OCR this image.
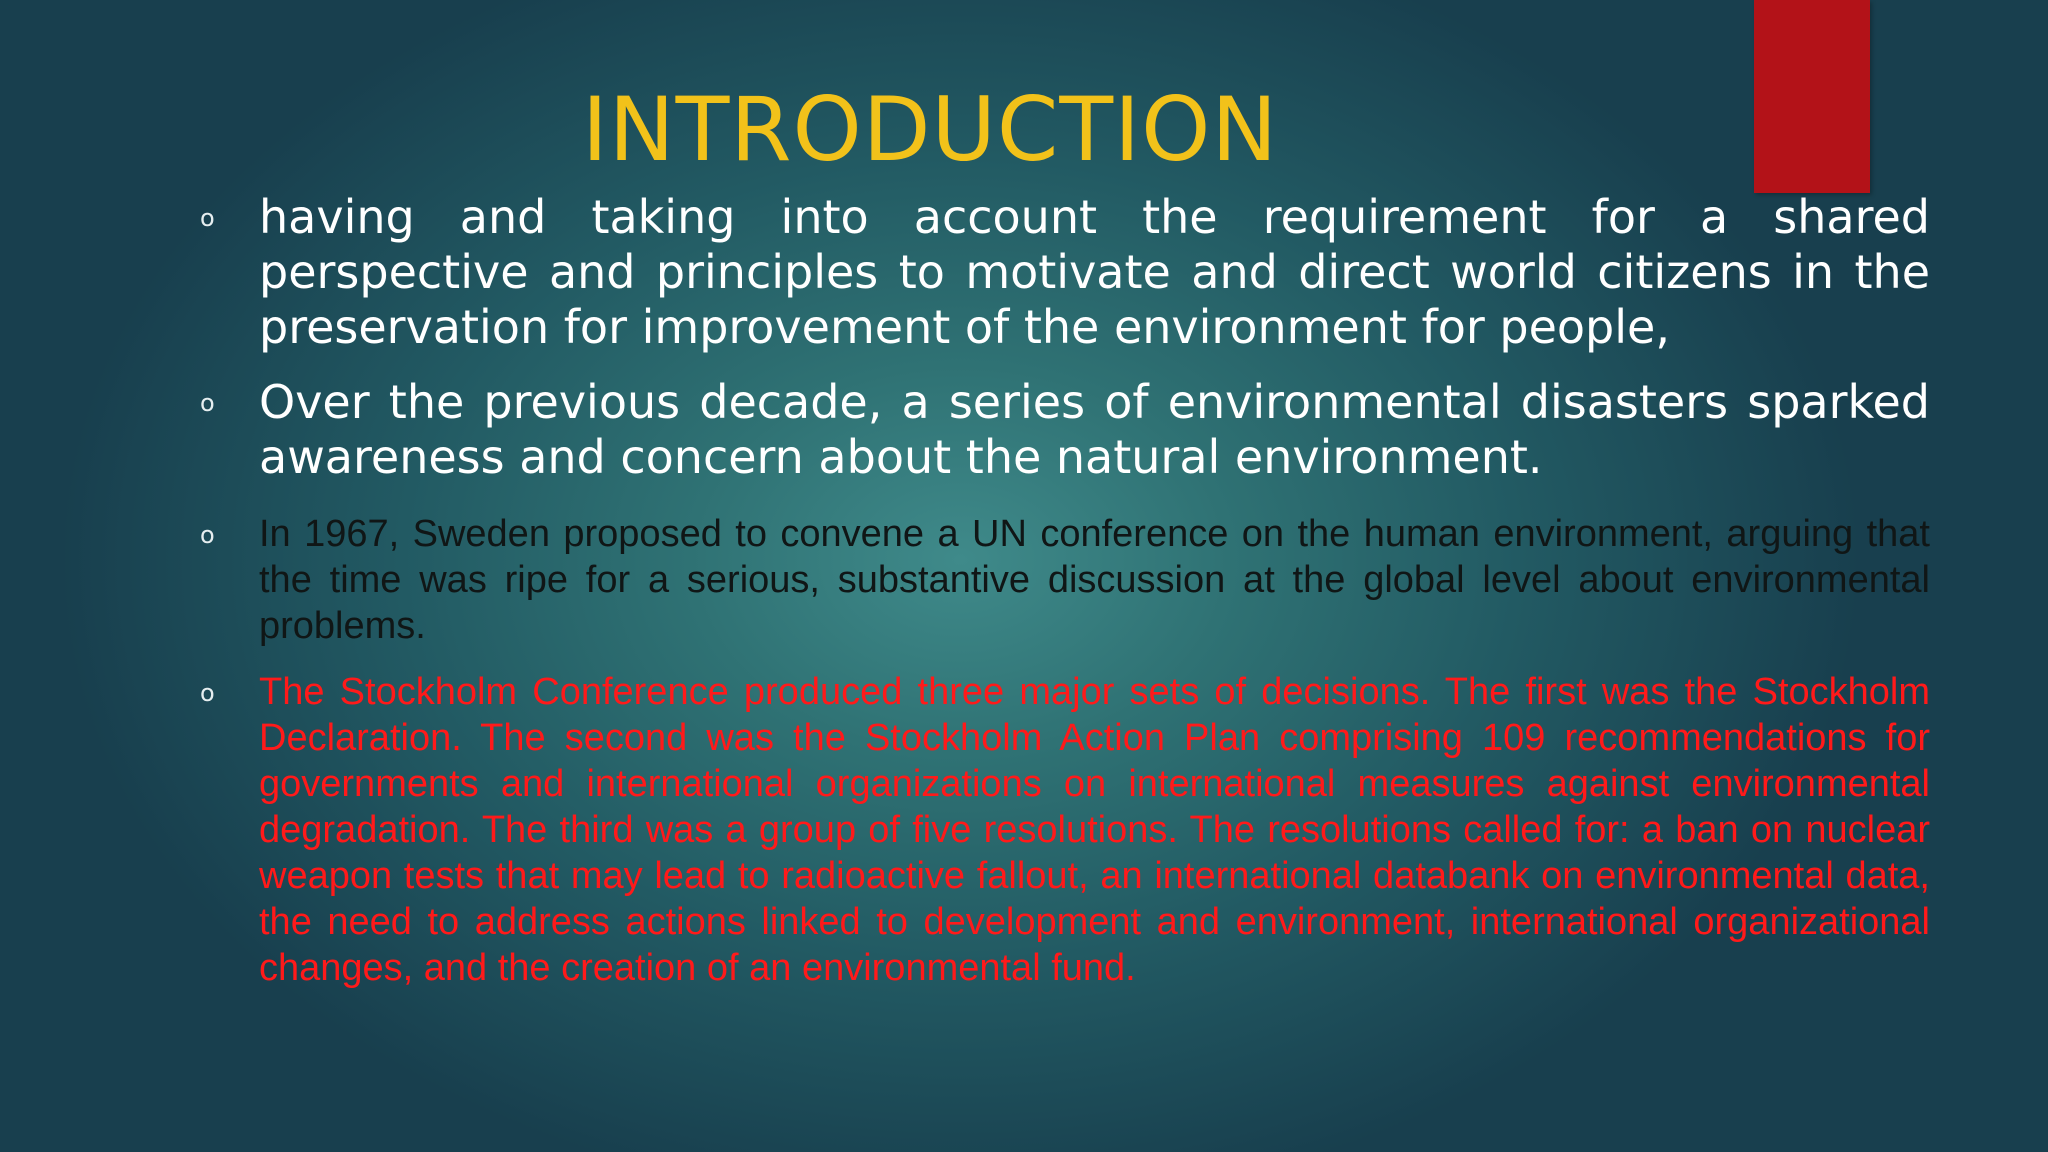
INTRODUCTION
o having and taking into account the requirement for a shared perspective and principles to motivate and direct world citizens in the preservation for improvement of the environment for people,
o Over the previous decade, a series of environmental disasters sparked awareness and concern about the natural environment.
o In 1967, Sweden proposed to convene a UN conference on the human environment, arguing that the time was ripe for a serious, substantive discussion at the global level about environmental problems.
o The Stockholm Conference produced three major sets of decisions. The first was the Stockholm Declaration. The second was the Stockholm Action Plan comprising 109 recommendations for governments and international organizations on international measures against environmental degradation. The third was a group of five resolutions. The resolutions called for: a ban on nuclear weapon tests that may lead to radioactive fallout, an international databank on environmental data, the need to address actions linked to development and environment, international organizational changes, and the creation of an environmental fund.
